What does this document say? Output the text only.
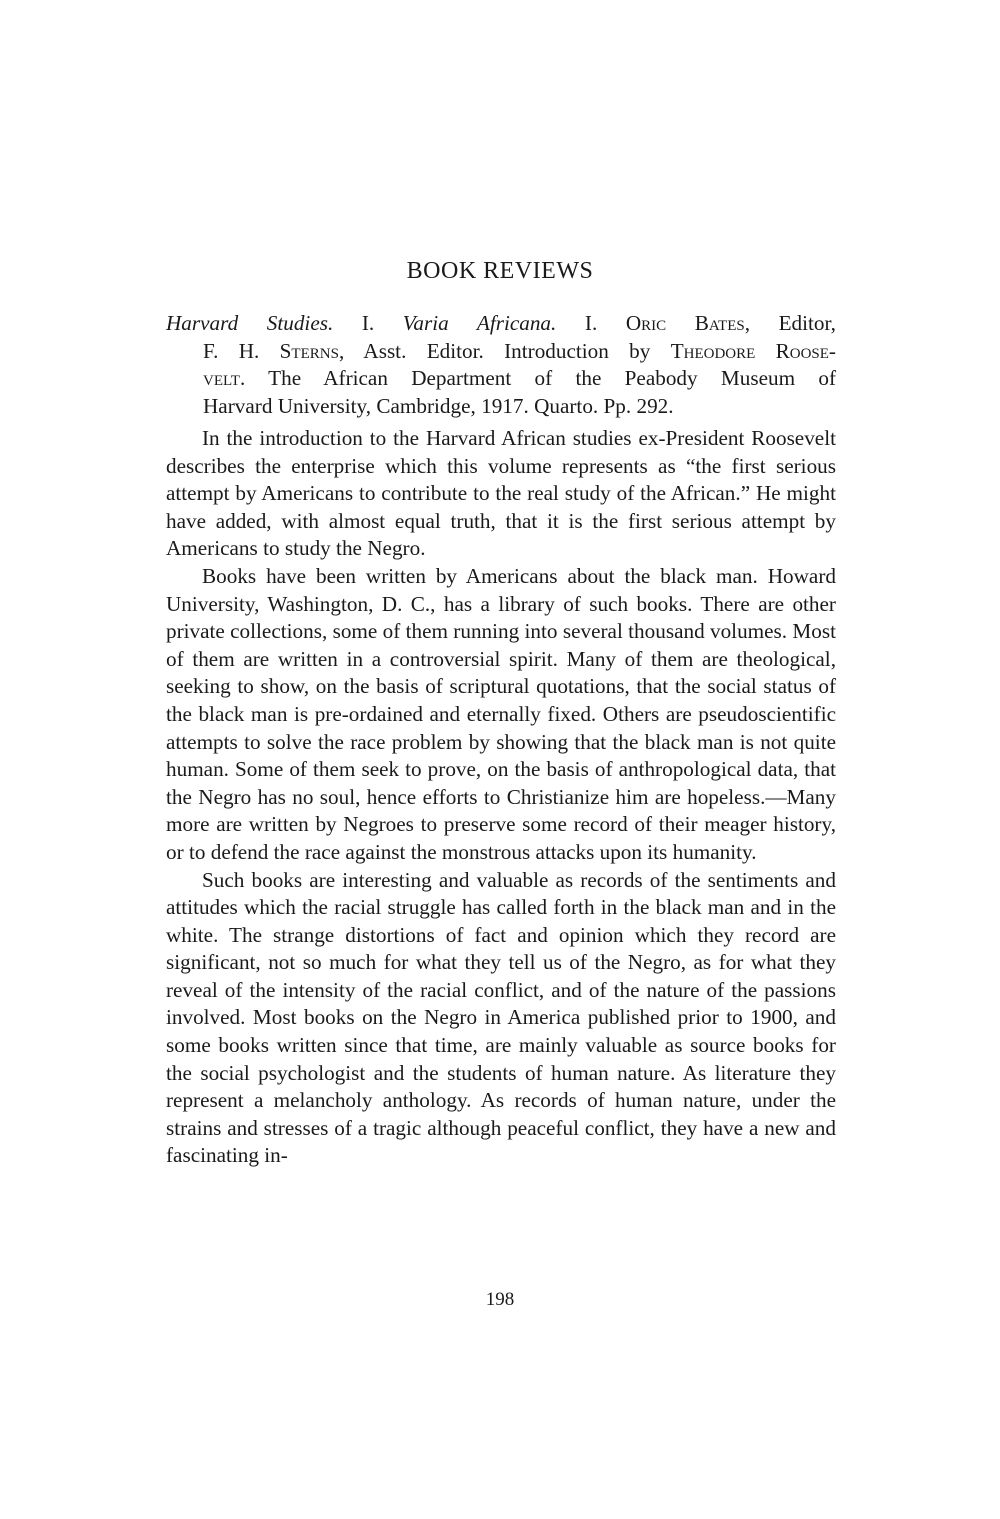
BOOK REVIEWS
Harvard Studies. I. Varia Africana. I. Oric Bates, Editor,
F. H. Sterns, Asst. Editor. Introduction by Theodore Roose-
velt. The African Department of the Peabody Museum of
Harvard University, Cambridge, 1917. Quarto. Pp. 292.

In the introduction to the Harvard African studies ex-President Roosevelt describes the enterprise which this volume represents as “the first serious attempt by Americans to contribute to the real study of the African.” He might have added, with almost equal truth, that it is the first serious attempt by Americans to study the Negro.

Books have been written by Americans about the black man. Howard University, Washington, D. C., has a library of such books. There are other private collections, some of them running into several thousand volumes. Most of them are written in a controversial spirit. Many of them are theological, seeking to show, on the basis of scriptural quotations, that the social status of the black man is pre-ordained and eternally fixed. Others are pseudoscientific attempts to solve the race problem by showing that the black man is not quite human. Some of them seek to prove, on the basis of anthropological data, that the Negro has no soul, hence efforts to Christianize him are hopeless.—Many more are written by Negroes to preserve some record of their meager history, or to defend the race against the monstrous attacks upon its humanity.

Such books are interesting and valuable as records of the sentiments and attitudes which the racial struggle has called forth in the black man and in the white. The strange distortions of fact and opinion which they record are significant, not so much for what they tell us of the Negro, as for what they reveal of the intensity of the racial conflict, and of the nature of the passions involved. Most books on the Negro in America published prior to 1900, and some books written since that time, are mainly valuable as source books for the social psychologist and the students of human nature. As literature they represent a melancholy anthology. As records of human nature, under the strains and stresses of a tragic although peaceful conflict, they have a new and fascinating in-

198
